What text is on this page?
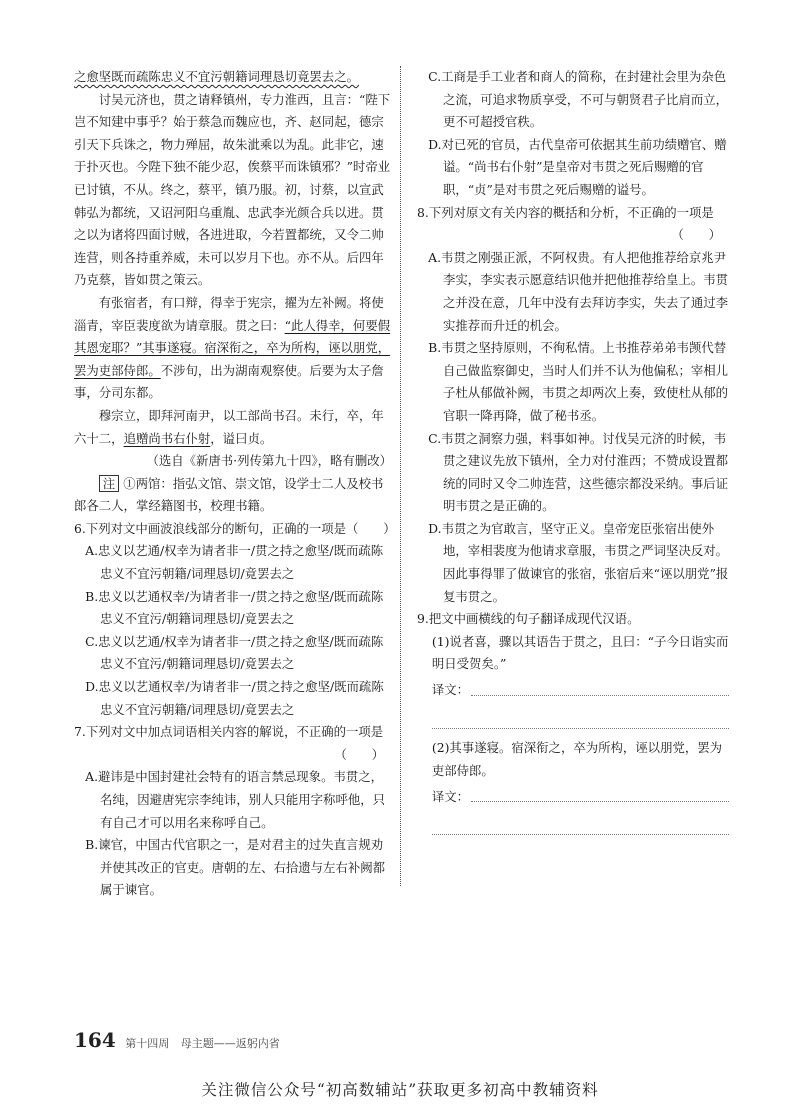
之愈坚既而疏陈忠义不宜污朝籍词理恳切竟罢去之。

讨吴元济也，贯之请释镇州，专力淮西，且言：“陛下岂不知建中事乎？始于蔡急而魏应也，齐、赵同起，德宗引天下兵诛之，物力殚屈，故朱泚乘以为乱。此非它，速于扑灭也。今陛下独不能少忍，俟蔡平而诛镇邪？”时帝业已讨镇，不从。终之，蔡平，镇乃服。初，讨蔡，以宣武韩弘为都统，又诏河阳乌重胤、忠武李光颜合兵以进。贯之以为诸将四面讨贼，各进进取，今若置都统，又令二帅连营，则各持重养威，未可以岁月下也。亦不从。后四年乃克蔡，皆如贯之策云。

有张宿者，有口辩，得幸于宪宗，擢为左补阙。将使淄青，宰臣裴度欲为请章服。贯之曰：“此人得幸，何要假其恩宠耶？”其事遂寝。宿深衔之，卒为所构，诬以朋党，罢为吏部侍郎。不涉旬，出为湖南观察使。后要为太子詹事，分司东都。

穆宗立，即拜河南尹，以工部尚书召。未行，卒，年六十二，追赠尚书右仆射，谥曰贞。

（选自《新唐书·列传第九十四》，略有删改）

注 ①两馆：指弘文馆、崇文馆，设学士二人及校书郎各二人，掌经籍图书，校理书籍。

6.下列对文中画波浪线部分的断句，正确的一项是（　　）

A.忠义以艺通/权幸为请者非一/贯之持之愈坚/既而疏陈忠义不宜污朝籍/词理恳切/竟罢去之

B.忠义以艺通权幸/为请者非一/贯之持之愈坚/既而疏陈忠义不宜污/朝籍词理恳切/竟罢去之

C.忠义以艺通/权幸为请者非一/贯之持之愈坚/既而疏陈忠义不宜污/朝籍词理恳切/竟罢去之

D.忠义以艺通权幸/为请者非一/贯之持之愈坚/既而疏陈忠义不宜污朝籍/词理恳切/竟罢去之

7.下列对文中加点词语相关内容的解说，不正确的一项是

（　　）

A.避讳是中国封建社会特有的语言禁忌现象。韦贯之，名纯，因避唐宪宗李纯讳，别人只能用字称呼他，只有自己才可以用名来称呼自己。

B.谏官，中国古代官职之一，是对君主的过失直言规劝并使其改正的官吏。唐朝的左、右拾遗与左右补阙都属于谏官。

C.工商是手工业者和商人的简称，在封建社会里为杂色之流，可追求物质享受，不可与朝贤君子比肩而立，更不可超授官秩。

D.对已死的官员，古代皇帝可依据其生前功绩赠官、赠谥。“尚书右仆射”是皇帝对韦贯之死后赐赠的官职，“贞”是对韦贯之死后赐赠的谥号。

8.下列对原文有关内容的概括和分析，不正确的一项是

（　　）

A.韦贯之刚强正派，不阿权贵。有人把他推荐给京兆尹李实，李实表示愿意结识他并把他推荐给皇上。韦贯之并没在意，几年中没有去拜访李实，失去了通过李实推荐而升迁的机会。

B.韦贯之坚持原则，不徇私情。上书推荐弟弟韦𫖮代替自己做监察御史，当时人们并不认为他偏私；宰相儿子杜从郁做补阙，韦贯之却两次上奏，致使杜从郁的官职一降再降，做了秘书丞。

C.韦贯之洞察力强，料事如神。讨伐吴元济的时候，韦贯之建议先放下镇州，全力对付淮西；不赞成设置都统的同时又令二帅连营，这些德宗都没采纳。事后证明韦贯之是正确的。

D.韦贯之为官敢言，坚守正义。皇帝宠臣张宿出使外地，宰相裴度为他请求章服，韦贯之严词坚决反对。因此事得罪了做谏官的张宿，张宿后来“诬以朋党”报复韦贯之。

9.把文中画横线的句子翻译成现代汉语。

(1)说者喜，骤以其语告于贯之，且曰：“子今日诣实而明日受贺矣。”

译文：

(2)其事遂寝。宿深衔之，卒为所构，诬以朋党，罢为吏部侍郎。

译文：
164 第十四周 母主题——返躬内省
关注微信公众号“初高数辅站”获取更多初高中教辅资料
